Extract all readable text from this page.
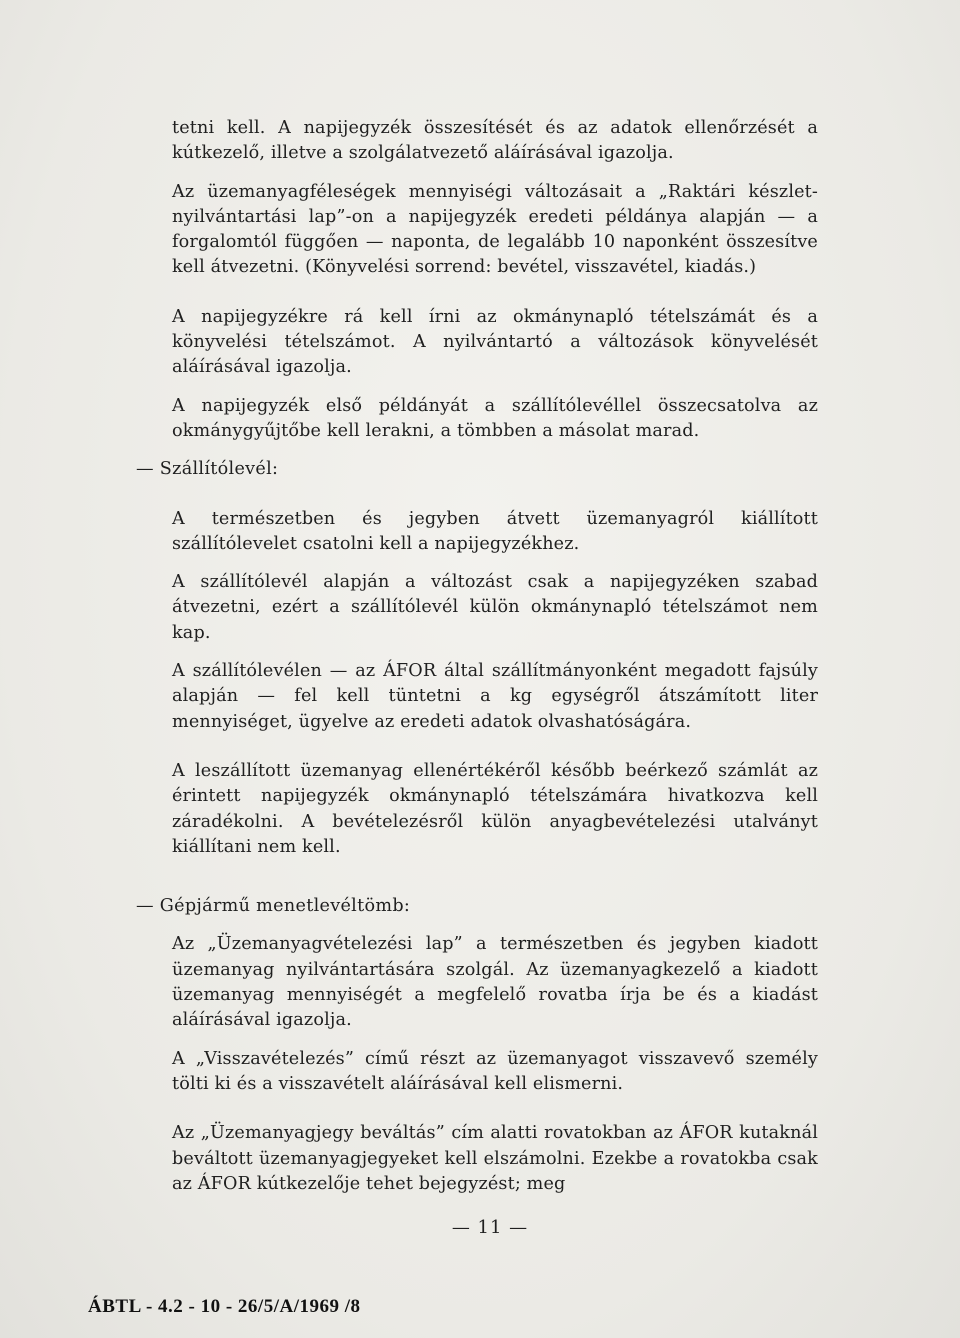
tetni kell. A napijegyzék összesítését és az adatok ellenőrzését a kútkezelő, illetve a szolgálatvezető aláírásával igazolja.

Az üzemanyagféleségek mennyiségi változásait a „Raktári készlet-nyilvántartási lap”-on a napijegyzék eredeti példánya alapján — a forgalomtól függően — naponta, de legalább 10 naponként összesítve kell átvezetni. (Könyvelési sorrend: bevétel, visszavétel, kiadás.)

A napijegyzékre rá kell írni az okmánynapló tételszámát és a könyvelési tételszámot. A nyilvántartó a változások könyvelését aláírásával igazolja.

A napijegyzék első példányát a szállítólevéllel összecsatolva az okmánygyűjtőbe kell lerakni, a tömbben a másolat marad.

— Szállítólevél:

A természetben és jegyben átvett üzemanyagról kiállított szállítólevelet csatolni kell a napijegyzékhez.

A szállítólevél alapján a változást csak a napijegyzéken szabad átvezetni, ezért a szállítólevél külön okmánynapló tételszámot nem kap.

A szállítólevélen — az ÁFOR által szállítmányonként megadott fajsúly alapján — fel kell tüntetni a kg egységről átszámított liter mennyiséget, ügyelve az eredeti adatok olvashatóságára.

A leszállított üzemanyag ellenértékéről később beérkező számlát az érintett napijegyzék okmánynapló tételszámára hivatkozva kell záradékolni. A bevételezésről külön anyagbevételezési utalványt kiállítani nem kell.

— Gépjármű menetlevéltömb:

Az „Üzemanyagvételezési lap” a természetben és jegyben kiadott üzemanyag nyilvántartására szolgál. Az üzemanyagkezelő a kiadott üzemanyag mennyiségét a megfelelő rovatba írja be és a kiadást aláírásával igazolja.

A „Visszavételezés” című részt az üzemanyagot visszavevő személy tölti ki és a visszavételt aláírásával kell elismerni.

Az „Üzemanyagjegy beváltás” cím alatti rovatokban az ÁFOR kutaknál beváltott üzemanyagjegyeket kell elszámolni. Ezekbe a rovatokba csak az ÁFOR kútkezelője tehet bejegyzést; meg

— 11 —
ÁBTL - 4.2 - 10 - 26/5/A/1969 /8
